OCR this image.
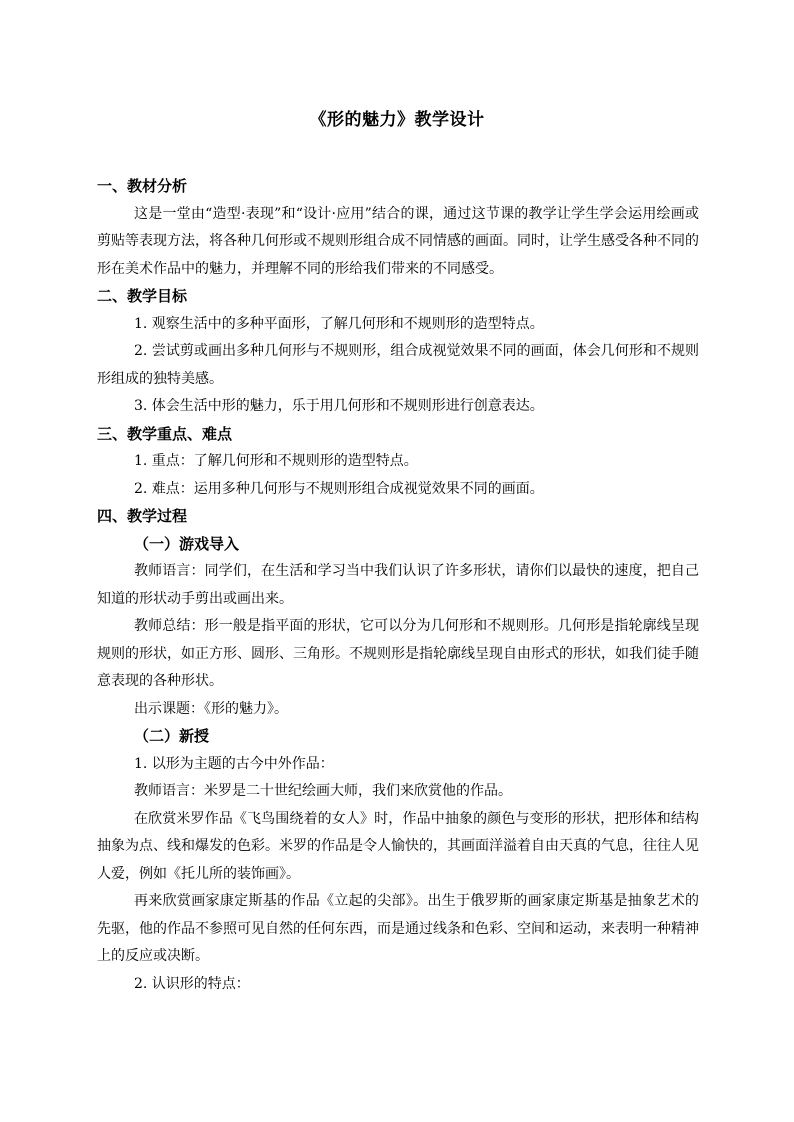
《形的魅力》教学设计
一、教材分析

这是一堂由“造型·表现”和“设计·应用”结合的课，通过这节课的教学让学生学会运用绘画或剪贴等表现方法，将各种几何形或不规则形组合成不同情感的画面。同时，让学生感受各种不同的形在美术作品中的魅力，并理解不同的形给我们带来的不同感受。

二、教学目标

1. 观察生活中的多种平面形，了解几何形和不规则形的造型特点。

2. 尝试剪或画出多种几何形与不规则形，组合成视觉效果不同的画面，体会几何形和不规则形组成的独特美感。

3. 体会生活中形的魅力，乐于用几何形和不规则形进行创意表达。

三、教学重点、难点

1. 重点：了解几何形和不规则形的造型特点。

2. 难点：运用多种几何形与不规则形组合成视觉效果不同的画面。

四、教学过程
（一）游戏导入

教师语言：同学们，在生活和学习当中我们认识了许多形状，请你们以最快的速度，把自己知道的形状动手剪出或画出来。

教师总结：形一般是指平面的形状，它可以分为几何形和不规则形。几何形是指轮廓线呈现规则的形状，如正方形、圆形、三角形。不规则形是指轮廓线呈现自由形式的形状，如我们徒手随意表现的各种形状。

出示课题：《形的魅力》。

（二）新授

1. 以形为主题的古今中外作品：

教师语言：米罗是二十世纪绘画大师，我们来欣赏他的作品。

在欣赏米罗作品《飞鸟围绕着的女人》时，作品中抽象的颜色与变形的形状，把形体和结构抽象为点、线和爆发的色彩。米罗的作品是令人愉快的，其画面洋溢着自由天真的气息，往往人见人爱，例如《托儿所的装饰画》。

再来欣赏画家康定斯基的作品《立起的尖部》。出生于俄罗斯的画家康定斯基是抽象艺术的先驱，他的作品不参照可见自然的任何东西，而是通过线条和色彩、空间和运动，来表明一种精神上的反应或决断。

2. 认识形的特点：
